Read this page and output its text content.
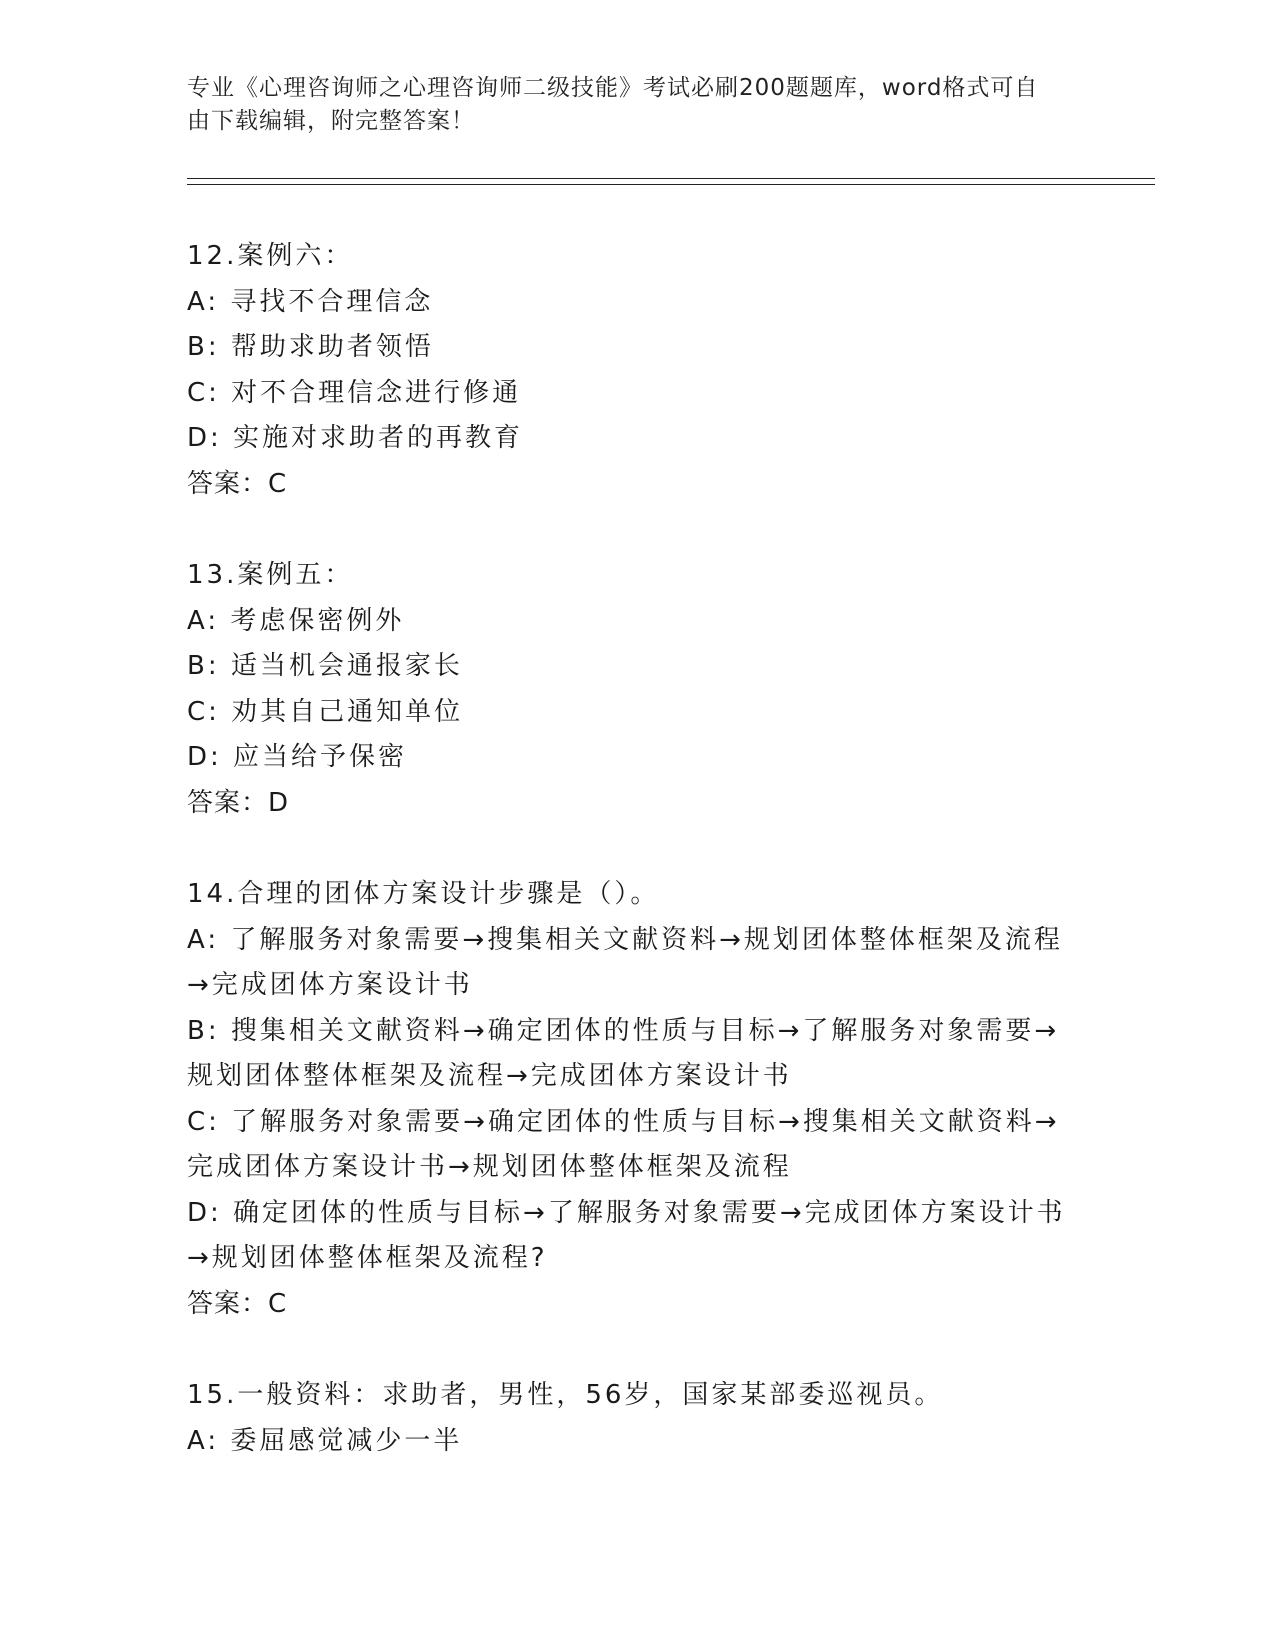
专业《心理咨询师之心理咨询师二级技能》考试必刷200题题库，word格式可自
由下载编辑，附完整答案！
12.案例六：
A: 寻找不合理信念
B: 帮助求助者领悟
C: 对不合理信念进行修通
D: 实施对求助者的再教育
答案：C
13.案例五：
A: 考虑保密例外
B: 适当机会通报家长
C: 劝其自己通知单位
D: 应当给予保密
答案：D
14.合理的团体方案设计步骤是（）。
A: 了解服务对象需要→搜集相关文献资料→规划团体整体框架及流程
→完成团体方案设计书
B: 搜集相关文献资料→确定团体的性质与目标→了解服务对象需要→
规划团体整体框架及流程→完成团体方案设计书
C: 了解服务对象需要→确定团体的性质与目标→搜集相关文献资料→
完成团体方案设计书→规划团体整体框架及流程
D: 确定团体的性质与目标→了解服务对象需要→完成团体方案设计书
→规划团体整体框架及流程?
答案：C
15.一般资料：求助者，男性，56岁，国家某部委巡视员。
A: 委屈感觉减少一半
